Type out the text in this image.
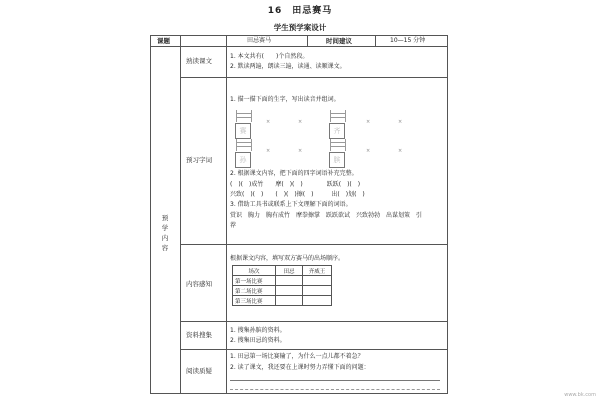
16　田忌赛马
学生预学案设计
课题	田忌赛马	时间建议	10—15 分钟
预
学
内
容
熟读课文
1. 本文共有(　　)个自然段。
2. 默读两遍，朗读三遍，读通、读顺课文。
预习字词
1. 描一描下面的生字，写出读音并组词。
赛
孙
×	×
×	×
齐
膑
×	×
×	×
2. 根据课文内容，把下面的四字词语补充完整。
(　)(　)成竹　　摩(　)(　)　　　　跃跃(　)(　)
兴致(　)(　)　　(　)(　)擦(　)　　　出(　)划(　)
3. 借助工具书或联系上下文理解下面的词语。
赏识　胸力　胸有成竹　摩拳擦掌　跃跃欲试　兴致勃勃　出谋划策　引
荐
内容感知
根据课文内容，填写双方赛马的出场顺序。
场次	田忌	齐威王
第一场比赛		
第二场比赛		
第三场比赛		
资料搜集
1. 搜集孙膑的资料。
2. 搜集田忌的资料。
阅读质疑
1. 田忌第一场比赛输了，为什么一点儿都不着急？
2. 读了课文，我还要在上课时努力弄懂下面的问题：
www.bk.com
